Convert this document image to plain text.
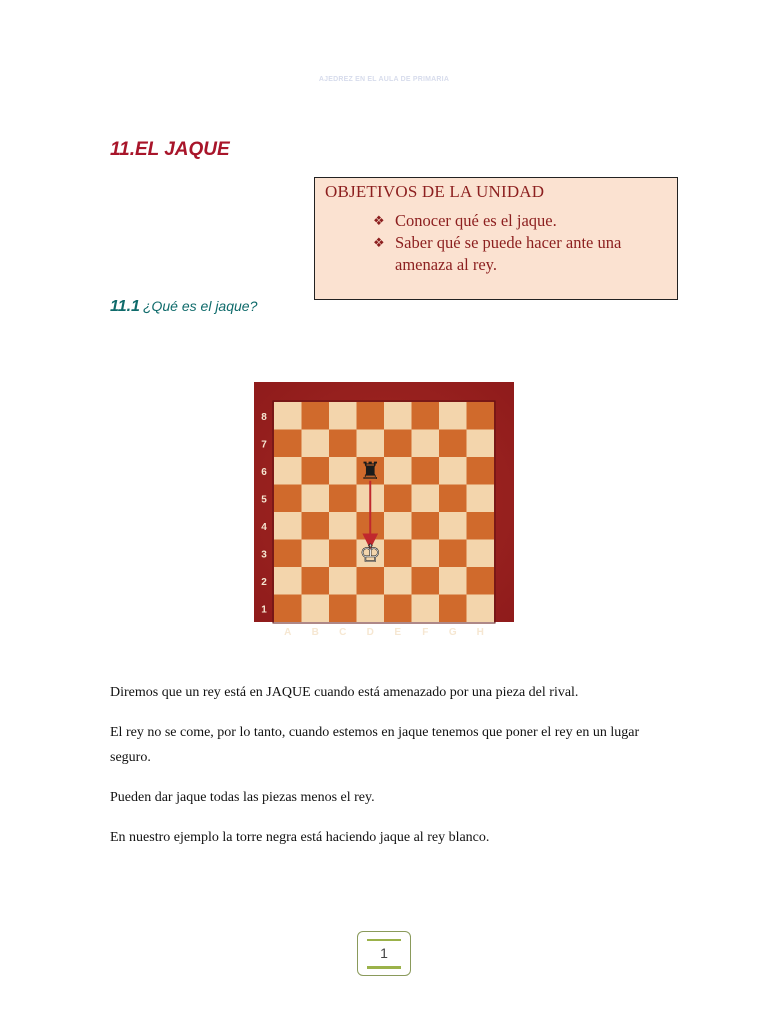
AJEDREZ EN EL AULA DE PRIMARIA
11.EL JAQUE
OBJETIVOS DE LA UNIDAD
❖ Conocer qué es el jaque.
❖ Saber qué se puede hacer ante una amenaza al rey.
11.1 ¿Qué es el jaque?
8
7
6
5
4
3
2
1
A B C D E F G H
♜
♔

Diremos que un rey está en JAQUE cuando está amenazado por una pieza del rival.

El rey no se come, por lo tanto, cuando estemos en jaque tenemos que poner el rey en un lugar seguro.

Pueden dar jaque todas las piezas menos el rey.

En nuestro ejemplo la torre negra está haciendo jaque al rey blanco.

1
